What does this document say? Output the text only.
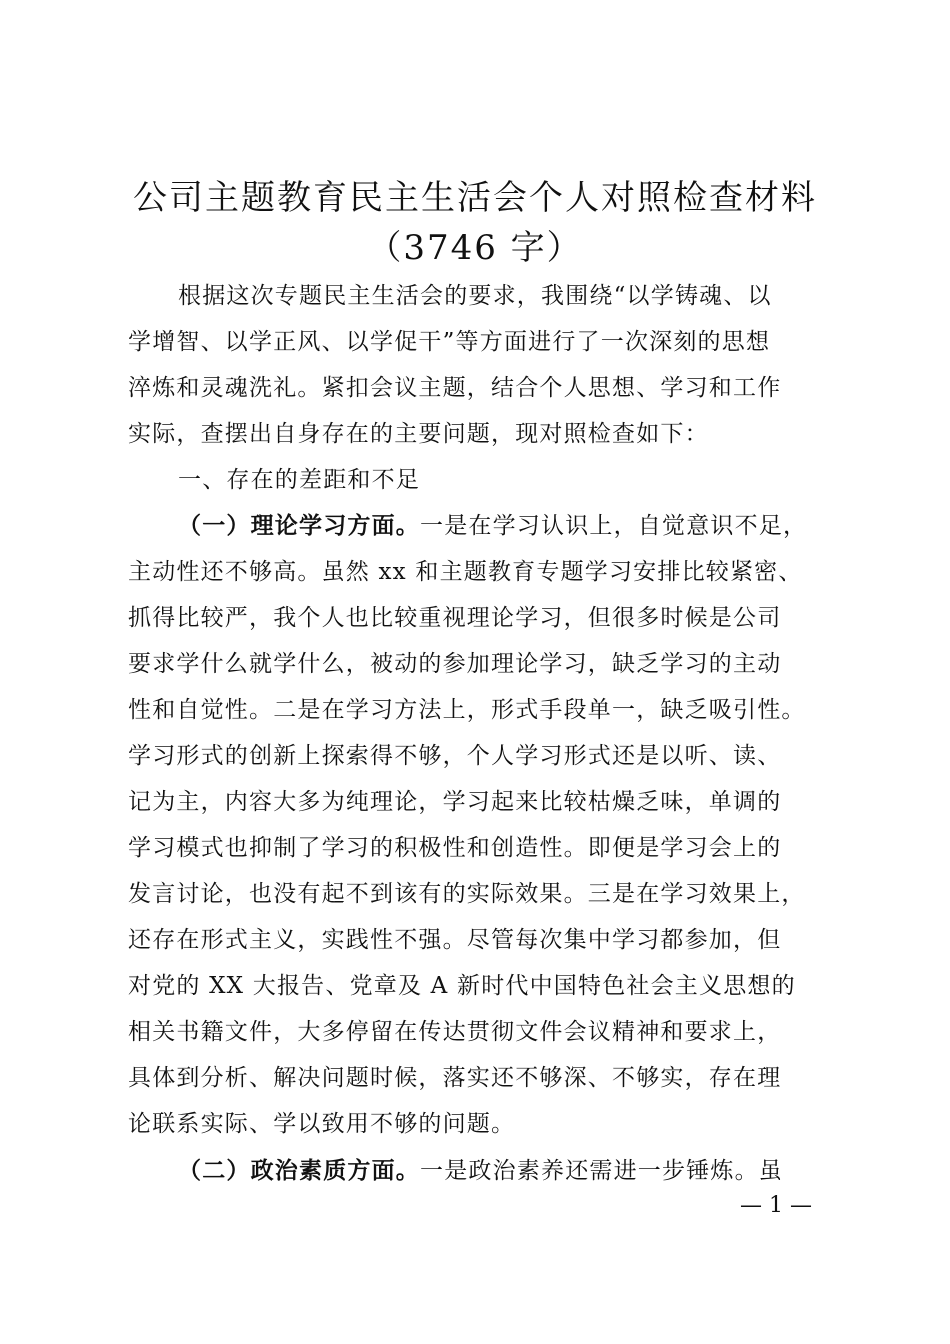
公司主题教育民主生活会个人对照检查材料
（3746 字）
根据这次专题民主生活会的要求，我围绕“以学铸魂、以
学增智、以学正风、以学促干”等方面进行了一次深刻的思想
淬炼和灵魂洗礼。紧扣会议主题，结合个人思想、学习和工作
实际，查摆出自身存在的主要问题，现对照检查如下：
一、存在的差距和不足
（一）理论学习方面。一是在学习认识上，自觉意识不足，
主动性还不够高。虽然 xx 和主题教育专题学习安排比较紧密、
抓得比较严，我个人也比较重视理论学习，但很多时候是公司
要求学什么就学什么，被动的参加理论学习，缺乏学习的主动
性和自觉性。二是在学习方法上，形式手段单一，缺乏吸引性。
学习形式的创新上探索得不够，个人学习形式还是以听、读、
记为主，内容大多为纯理论，学习起来比较枯燥乏味，单调的
学习模式也抑制了学习的积极性和创造性。即便是学习会上的
发言讨论，也没有起不到该有的实际效果。三是在学习效果上，
还存在形式主义，实践性不强。尽管每次集中学习都参加，但
对党的 XX 大报告、党章及 A 新时代中国特色社会主义思想的
相关书籍文件，大多停留在传达贯彻文件会议精神和要求上，
具体到分析、解决问题时候，落实还不够深、不够实，存在理
论联系实际、学以致用不够的问题。
（二）政治素质方面。一是政治素养还需进一步锤炼。虽
— 1 —
